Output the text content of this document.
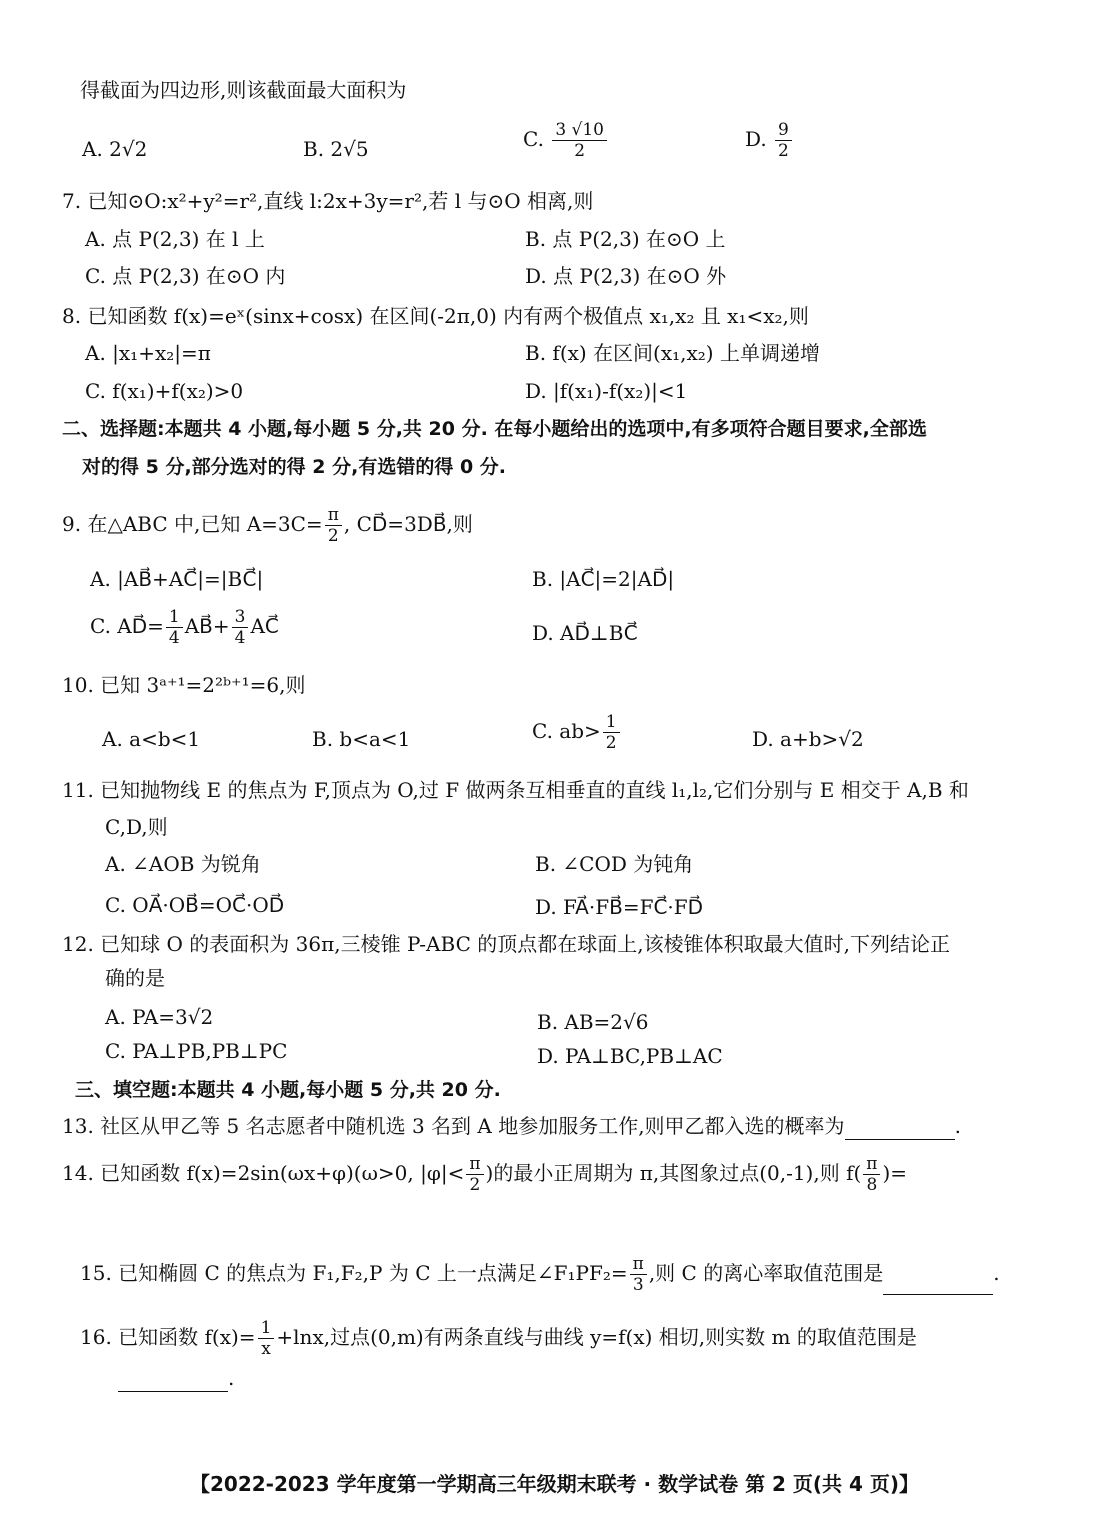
得截面为四边形,则该截面最大面积为
A. 2√2	B. 2√5	C. $\frac{3 √10}{2}$	D. $\frac{9}{2}$
7. 已知⊙O:x²+y²=r²,直线 l:2x+3y=r²,若 l 与⊙O 相离,则
A. 点 P(2,3) 在 l 上	B. 点 P(2,3) 在⊙O 上
C. 点 P(2,3) 在⊙O 内	D. 点 P(2,3) 在⊙O 外
8. 已知函数 f(x)=eˣ(sinx+cosx) 在区间(-2π,0) 内有两个极值点 x₁,x₂ 且 x₁<x₂,则
A. |x₁+x₂|=π	B. f(x) 在区间(x₁,x₂) 上单调递增
C. f(x₁)+f(x₂)>0	D. |f(x₁)-f(x₂)|<1
二、选择题:本题共 4 小题,每小题 5 分,共 20 分. 在每小题给出的选项中,有多项符合题目要求,全部选
对的得 5 分,部分选对的得 2 分,有选错的得 0 分.
9. 在△ABC 中,已知 $A=3C= \frac{\pi}{2}$ , CD⃗=3DB⃗,则
A. |AB⃗+AC⃗|=|BC⃗|	B. |AC⃗|=2|AD⃗|
C. AD⃗= $\frac{1}{4}$ AB⃗+ $\frac{3}{4}$ AC⃗	D. AD⃗⊥BC⃗
10. 已知 3ᵃ⁺¹=2²ᵇ⁺¹=6,则
A. a<b<1	B. b<a<1	C. $ab> \frac{1}{2}$	D. a+b>√2
11. 已知抛物线 E 的焦点为 F,顶点为 O,过 F 做两条互相垂直的直线 l₁,l₂,它们分别与 E 相交于 A,B 和
C,D,则
A. ∠AOB 为锐角	B. ∠COD 为钝角
C. OA⃗·OB⃗=OC⃗·OD⃗	D. FA⃗·FB⃗=FC⃗·FD⃗
12. 已知球 O 的表面积为 36π,三棱锥 P-ABC 的顶点都在球面上,该棱锥体积取最大值时,下列结论正
确的是
A. PA=3√2	B. AB=2√6
C. PA⊥PB,PB⊥PC	D. PA⊥BC,PB⊥AC
三、填空题:本题共 4 小题,每小题 5 分,共 20 分.
13. 社区从甲乙等 5 名志愿者中随机选 3 名到 A 地参加服务工作,则甲乙都入选的概率为	.
14. 已知函数 f(x)=2sin(ωx+φ)(ω>0, $|\varphi|< \frac{\pi}{2}$ )的最小正周期为 π,其图象过点(0,-1),则 $f( \frac{\pi}{8}$ )=
15. 已知椭圆 C 的焦点为 F₁,F₂,P 为 C 上一点满足∠F₁PF₂= $\frac{\pi}{3}$ ,则 C 的离心率取值范围是	.
16. 已知函数 $f(x)= \frac{1}{x} +\ln x$,过点(0,m)有两条直线与曲线 y=f(x) 相切,则实数 m 的取值范围是
.
【2022-2023 学年度第一学期高三年级期末联考 · 数学试卷 第 2 页(共 4 页)】
